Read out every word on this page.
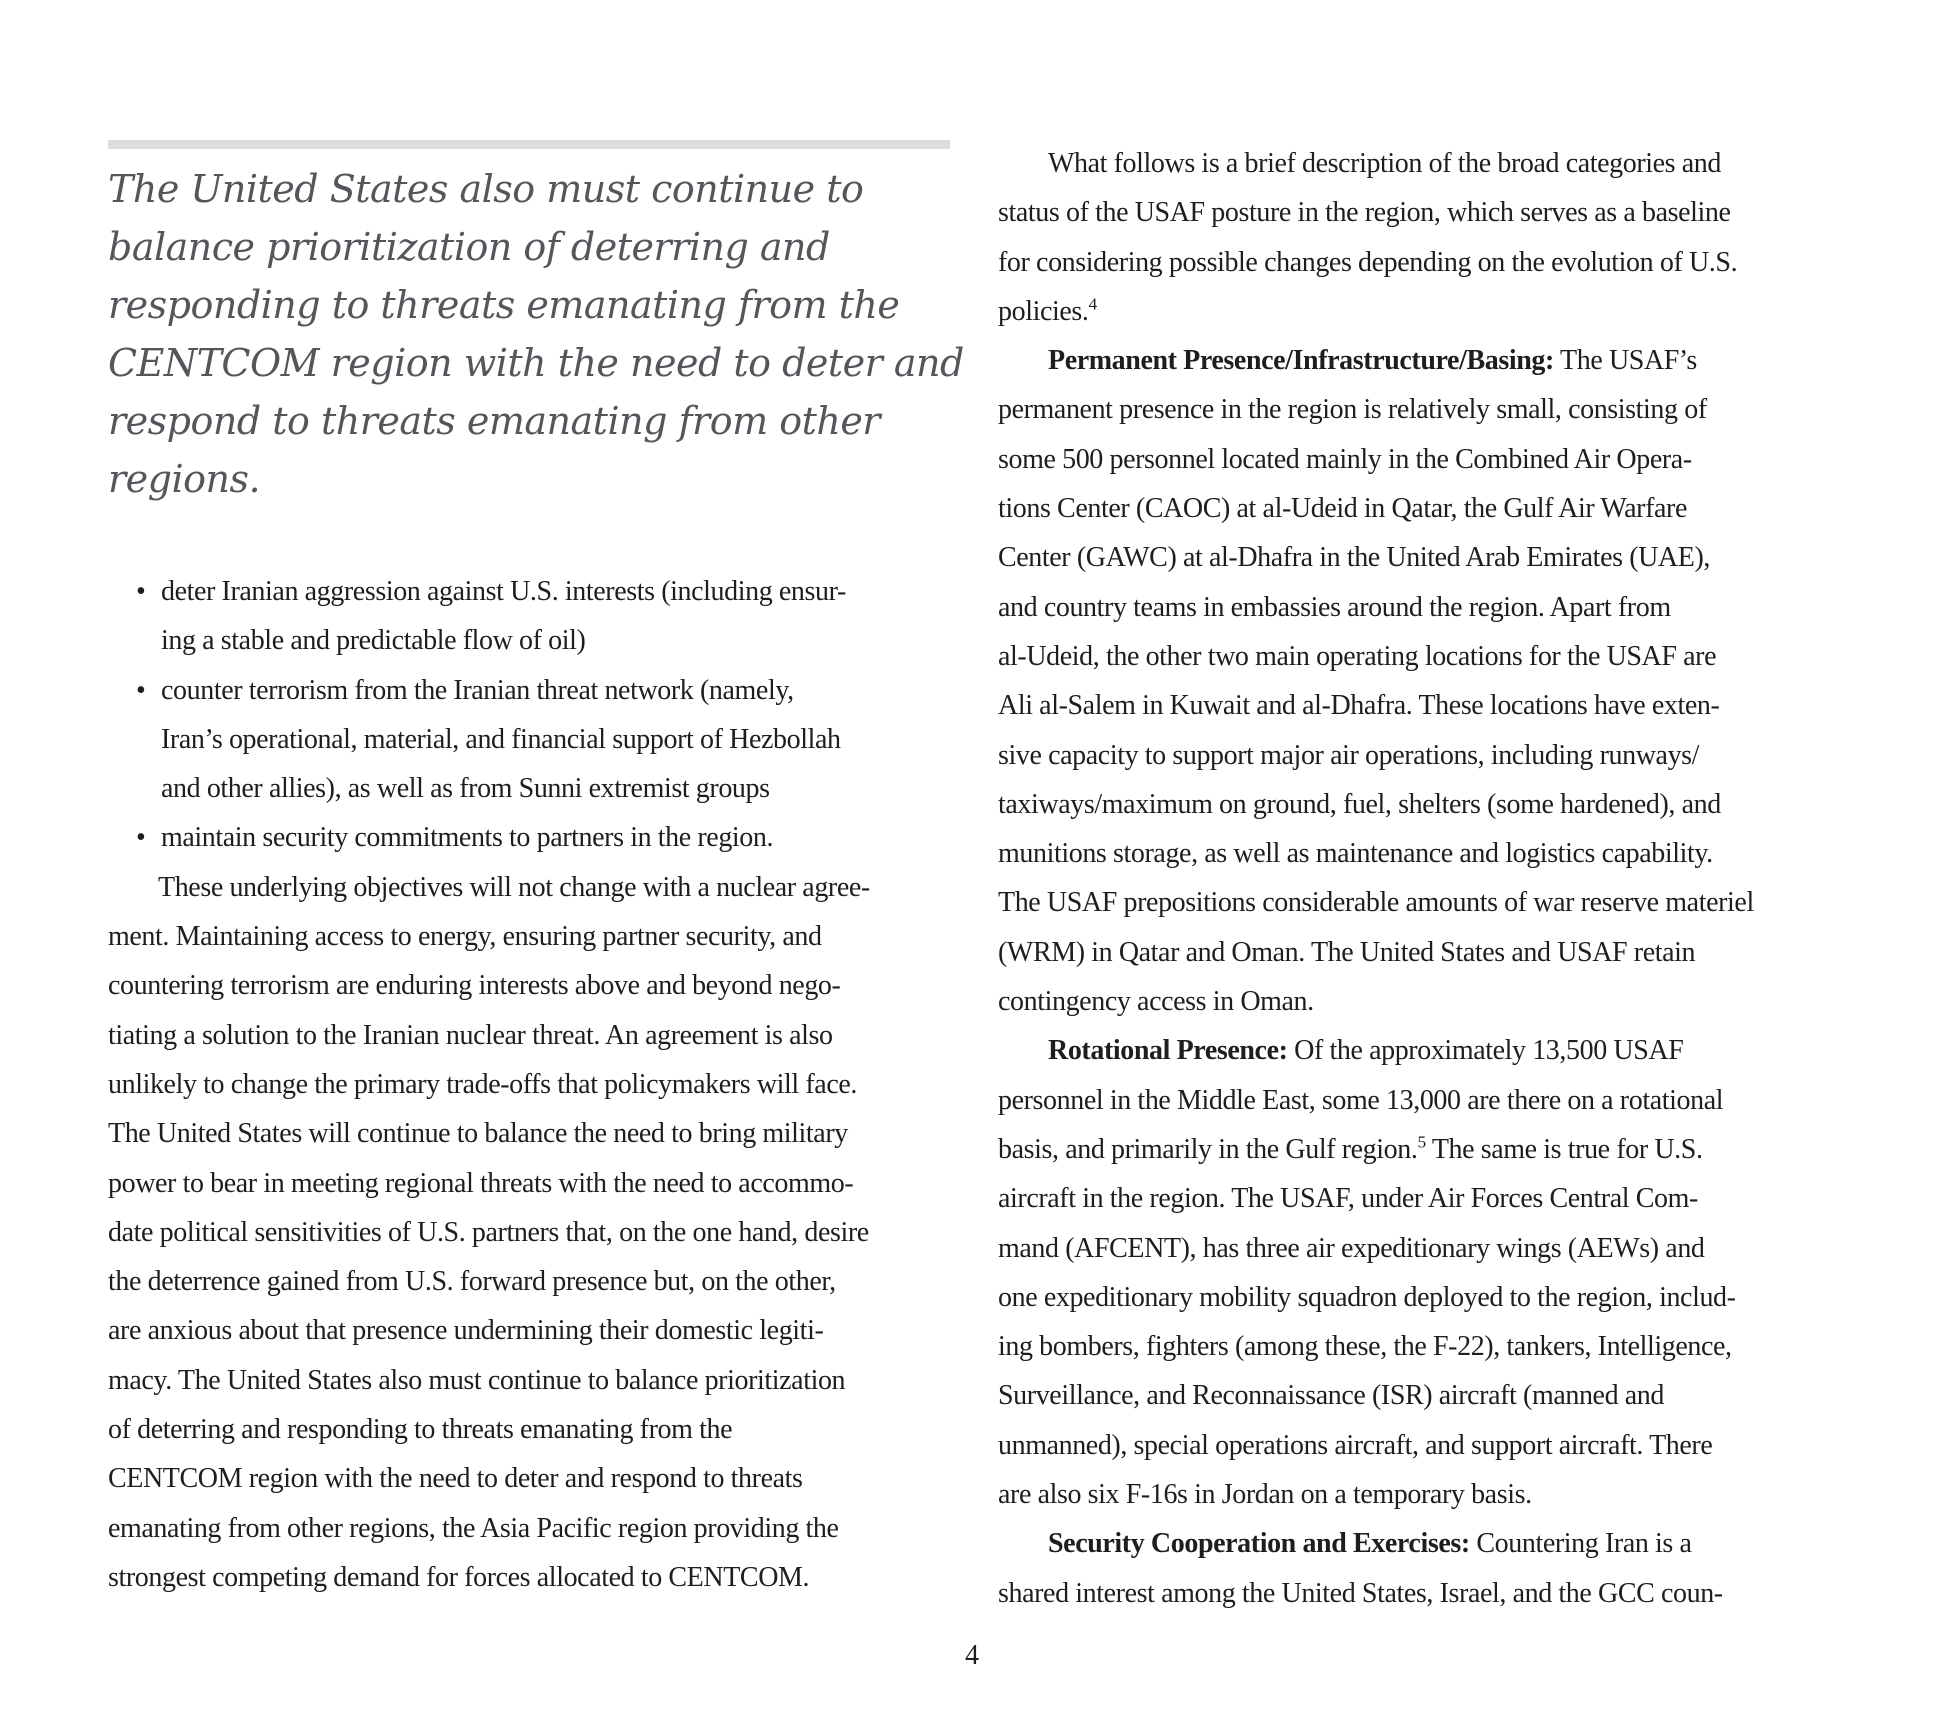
The United States also must continue to
balance prioritization of deterring and
responding to threats emanating from the
CENTCOM region with the need to deter and
respond to threats emanating from other
regions.
• deter Iranian aggression against U.S. interests (including ensur-
ing a stable and predictable flow of oil)
• counter terrorism from the Iranian threat network (namely,
Iran’s operational, material, and financial support of Hezbollah
and other allies), as well as from Sunni extremist groups
• maintain security commitments to partners in the region.
These underlying objectives will not change with a nuclear agree-
ment. Maintaining access to energy, ensuring partner security, and
countering terrorism are enduring interests above and beyond nego-
tiating a solution to the Iranian nuclear threat. An agreement is also
unlikely to change the primary trade-offs that policymakers will face.
The United States will continue to balance the need to bring military
power to bear in meeting regional threats with the need to accommo-
date political sensitivities of U.S. partners that, on the one hand, desire
the deterrence gained from U.S. forward presence but, on the other,
are anxious about that presence undermining their domestic legiti-
macy. The United States also must continue to balance prioritization
of deterring and responding to threats emanating from the
CENTCOM region with the need to deter and respond to threats
emanating from other regions, the Asia Pacific region providing the
strongest competing demand for forces allocated to CENTCOM.
What follows is a brief description of the broad categories and
status of the USAF posture in the region, which serves as a baseline
for considering possible changes depending on the evolution of U.S.
policies.$^4$
Permanent Presence/Infrastructure/Basing: The USAF’s
permanent presence in the region is relatively small, consisting of
some 500 personnel located mainly in the Combined Air Opera-
tions Center (CAOC) at al-Udeid in Qatar, the Gulf Air Warfare
Center (GAWC) at al-Dhafra in the United Arab Emirates (UAE),
and country teams in embassies around the region. Apart from
al-Udeid, the other two main operating locations for the USAF are
Ali al-Salem in Kuwait and al-Dhafra. These locations have exten-
sive capacity to support major air operations, including runways/
taxiways/maximum on ground, fuel, shelters (some hardened), and
munitions storage, as well as maintenance and logistics capability.
The USAF prepositions considerable amounts of war reserve materiel
(WRM) in Qatar and Oman. The United States and USAF retain
contingency access in Oman.
Rotational Presence: Of the approximately 13,500 USAF
personnel in the Middle East, some 13,000 are there on a rotational
basis, and primarily in the Gulf region.$^5$ The same is true for U.S.
aircraft in the region. The USAF, under Air Forces Central Com-
mand (AFCENT), has three air expeditionary wings (AEWs) and
one expeditionary mobility squadron deployed to the region, includ-
ing bombers, fighters (among these, the F-22), tankers, Intelligence,
Surveillance, and Reconnaissance (ISR) aircraft (manned and
unmanned), special operations aircraft, and support aircraft. There
are also six F-16s in Jordan on a temporary basis.
Security Cooperation and Exercises: Countering Iran is a
shared interest among the United States, Israel, and the GCC coun-
4
